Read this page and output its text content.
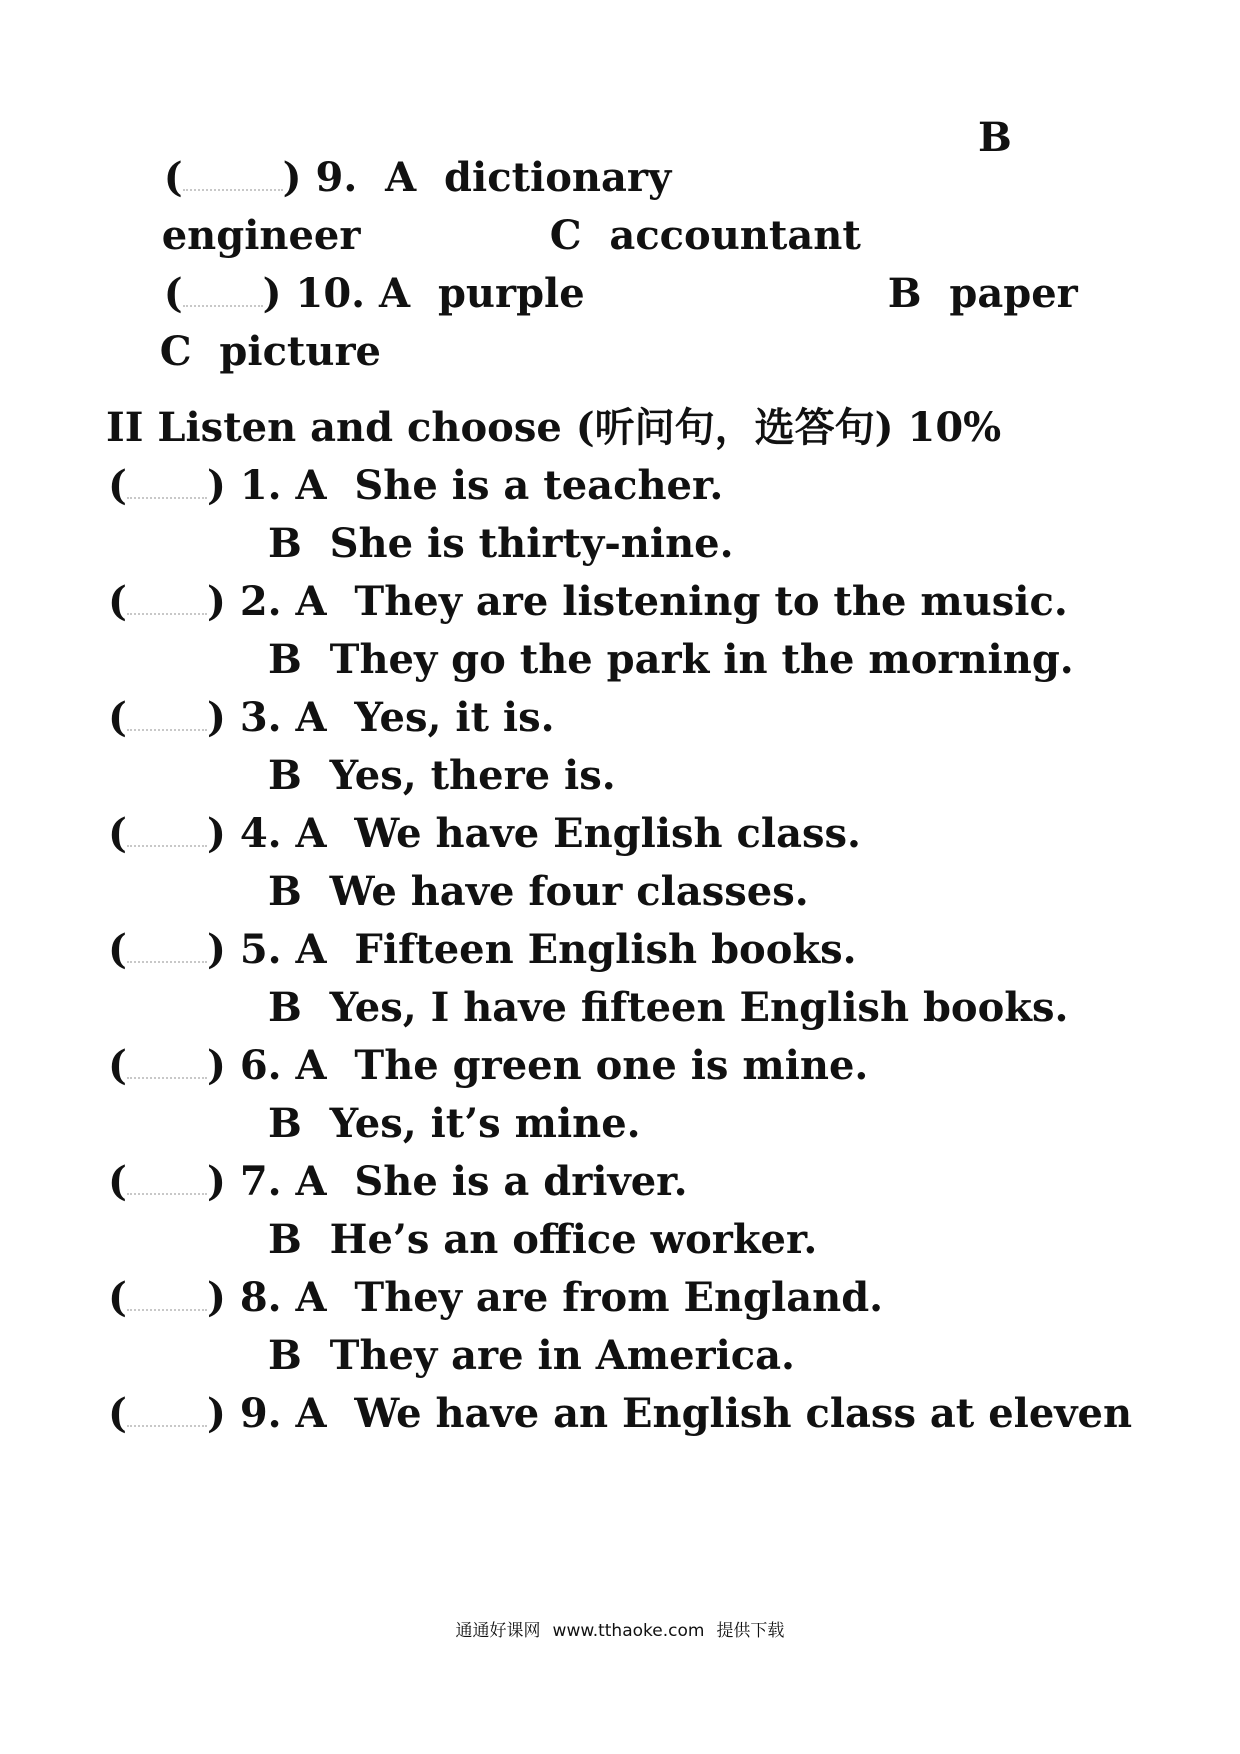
(	) 9. A dictionary

B

engineer
	C accountant

( ) 10. A purple
	B paper

C picture

II Listen and choose (听问句，选答句) 10%
( ) 1. A She is a teacher.
B She is thirty-nine.
( ) 2. A They are listening to the music.
B They go the park in the morning.
( ) 3. A Yes, it is.
B Yes, there is.
( ) 4. A We have English class.
B We have four classes.
( ) 5. A Fifteen English books.
B Yes, I have fifteen English books.
( ) 6. A The green one is mine.
B Yes, it’s mine.
( ) 7. A She is a driver.
B He’s an office worker.
( ) 8. A They are from England.
B They are in America.
( ) 9. A We have an English class at eleven
通通好课网 www.tthaoke.com 提供下载
